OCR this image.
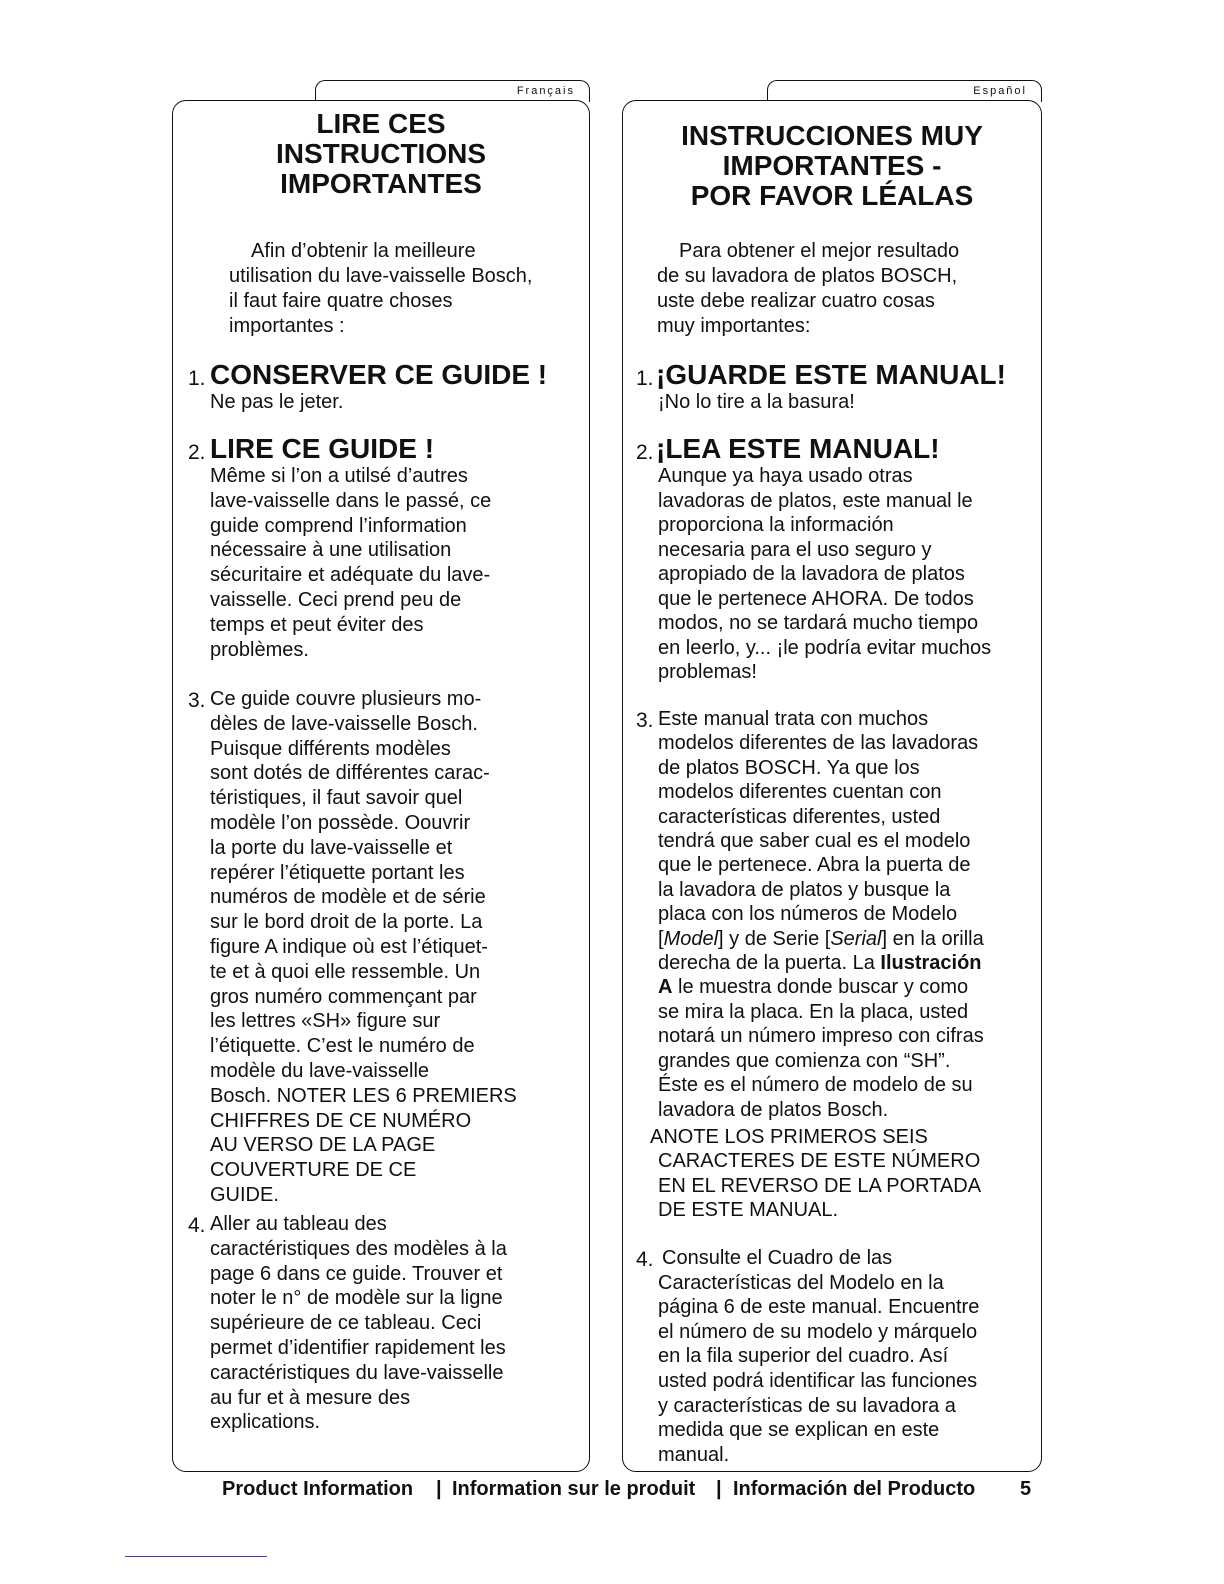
Français	Español
LIRE CES
INSTRUCTIONS
IMPORTANTES
Afin d’obtenir la meilleure
utilisation du lave-vaisselle Bosch,
il faut faire quatre choses
importantes :
1. CONSERVER CE GUIDE !
Ne pas le jeter.
2. LIRE CE GUIDE !
Même si l’on a utilsé d’autres
lave-vaisselle dans le passé, ce
guide comprend l’information
nécessaire à une utilisation
sécuritaire et adéquate du lave-
vaisselle. Ceci prend peu de
temps et peut éviter des
problèmes.
3. Ce guide couvre plusieurs mo-
dèles de lave-vaisselle Bosch.
Puisque différents modèles
sont dotés de différentes carac-
téristiques, il faut savoir quel
modèle l’on possède. Oouvrir
la porte du lave-vaisselle et
repérer l’étiquette portant les
numéros de modèle et de série
sur le bord droit de la porte. La
figure A indique où est l’étiquet-
te et à quoi elle ressemble. Un
gros numéro commençant par
les lettres «SH» figure sur
l’étiquette. C’est le numéro de
modèle du lave-vaisselle
Bosch. NOTER LES 6 PREMIERS
CHIFFRES DE CE NUMÉRO
AU VERSO DE LA PAGE
COUVERTURE DE CE
GUIDE.
4. Aller au tableau des
caractéristiques des modèles à la
page 6 dans ce guide. Trouver et
noter le n° de modèle sur la ligne
supérieure de ce tableau. Ceci
permet d’identifier rapidement les
caractéristiques du lave-vaisselle
au fur et à mesure des
explications.
INSTRUCCIONES MUY
IMPORTANTES -
POR FAVOR LÉALAS
Para obtener el mejor resultado
de su lavadora de platos BOSCH,
uste debe realizar cuatro cosas
muy importantes:
1. ¡GUARDE ESTE MANUAL!
¡No lo tire a la basura!
2. ¡LEA ESTE MANUAL!
Aunque ya haya usado otras
lavadoras de platos, este manual le
proporciona la información
necesaria para el uso seguro y
apropiado de la lavadora de platos
que le pertenece AHORA. De todos
modos, no se tardará mucho tiempo
en leerlo, y... ¡le podría evitar muchos
problemas!
3. Este manual trata con muchos
modelos diferentes de las lavadoras
de platos BOSCH. Ya que los
modelos diferentes cuentan con
características diferentes, usted
tendrá que saber cual es el modelo
que le pertenece. Abra la puerta de
la lavadora de platos y busque la
placa con los números de Modelo
[Model] y de Serie [Serial] en la orilla
derecha de la puerta. La Ilustración
A le muestra donde buscar y como
se mira la placa. En la placa, usted
notará un número impreso con cifras
grandes que comienza con “SH”.
Éste es el número de modelo de su
lavadora de platos Bosch.
ANOTE LOS PRIMEROS SEIS
CARACTERES DE ESTE NÚMERO
EN EL REVERSO DE LA PORTADA
DE ESTE MANUAL.
4. Consulte el Cuadro de las
Características del Modelo en la
página 6 de este manual. Encuentre
el número de su modelo y márquelo
en la fila superior del cuadro. Así
usted podrá identificar las funciones
y características de su lavadora a
medida que se explican en este
manual.
Product Information | Information sur le produit | Información del Producto 5
